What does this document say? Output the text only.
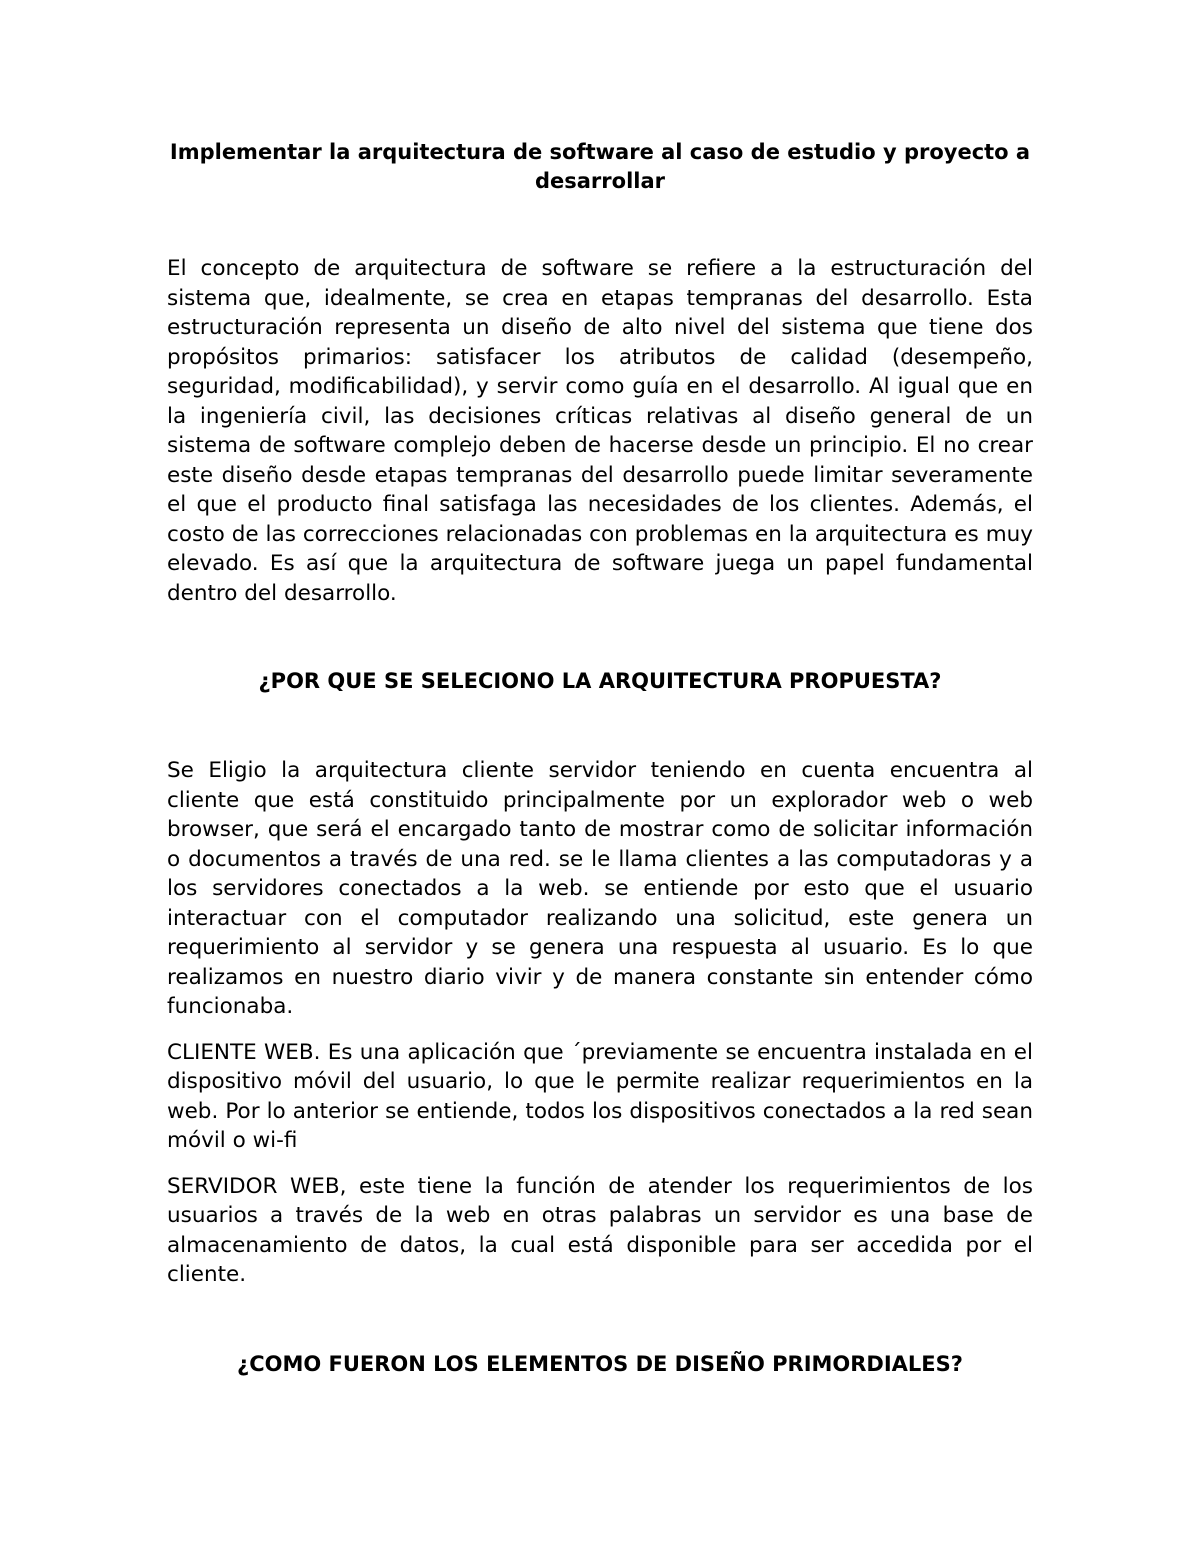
Implementar la arquitectura de software al caso de estudio y proyecto a desarrollar

El concepto de arquitectura de software se refiere a la estructuración del sistema que, idealmente, se crea en etapas tempranas del desarrollo. Esta estructuración representa un diseño de alto nivel del sistema que tiene dos propósitos primarios: satisfacer los atributos de calidad (desempeño, seguridad, modificabilidad), y servir como guía en el desarrollo. Al igual que en la ingeniería civil, las decisiones críticas relativas al diseño general de un sistema de software complejo deben de hacerse desde un principio. El no crear este diseño desde etapas tempranas del desarrollo puede limitar severamente el que el producto final satisfaga las necesidades de los clientes. Además, el costo de las correcciones relacionadas con problemas en la arquitectura es muy elevado. Es así que la arquitectura de software juega un papel fundamental dentro del desarrollo.

¿POR QUE SE SELECIONO LA ARQUITECTURA PROPUESTA?

Se Eligio la arquitectura cliente servidor teniendo en cuenta encuentra al cliente que está constituido principalmente por un explorador web o web browser, que será el encargado tanto de mostrar como de solicitar información o documentos a través de una red. se le llama clientes a las computadoras y a los servidores conectados a la web. se entiende por esto que el usuario interactuar con el computador realizando una solicitud, este genera un requerimiento al servidor y se genera una respuesta al usuario. Es lo que realizamos en nuestro diario vivir y de manera constante sin entender cómo funcionaba.

CLIENTE WEB. Es una aplicación que ´previamente se encuentra instalada en el dispositivo móvil del usuario, lo que le permite realizar requerimientos en la web. Por lo anterior se entiende, todos los dispositivos conectados a la red sean móvil o wi-fi

SERVIDOR WEB, este tiene la función de atender los requerimientos de los usuarios a través de la web en otras palabras un servidor es una base de almacenamiento de datos, la cual está disponible para ser accedida por el cliente.

¿COMO FUERON LOS ELEMENTOS DE DISEÑO PRIMORDIALES?
